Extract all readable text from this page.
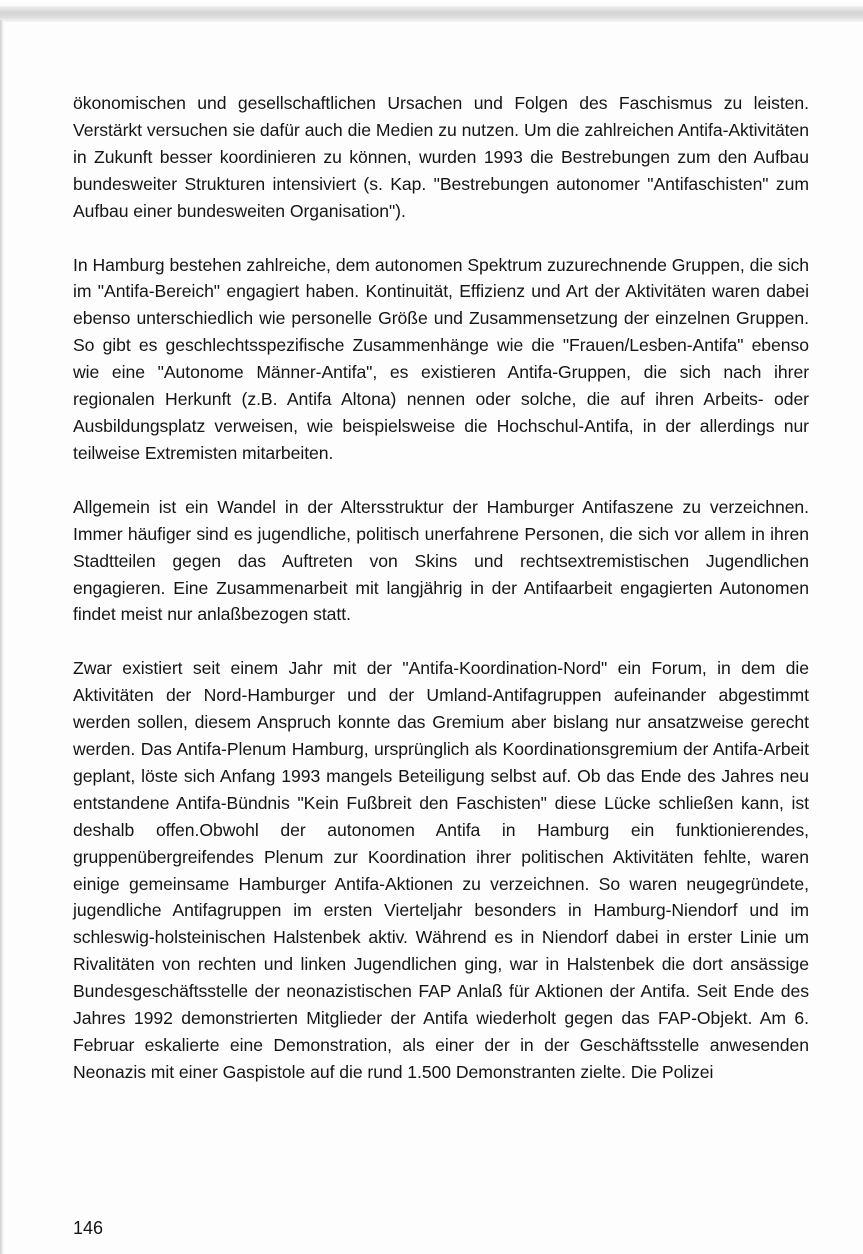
ökonomischen und gesellschaftlichen Ursachen und Folgen des Faschismus zu leisten. Verstärkt versuchen sie dafür auch die Medien zu nutzen. Um die zahlreichen Antifa-Aktivitäten in Zukunft besser koordinieren zu können, wurden 1993 die Bestrebungen zum den Aufbau bundesweiter Strukturen intensiviert (s. Kap. "Bestrebungen autonomer "Antifaschisten" zum Aufbau einer bundesweiten Organisation").

In Hamburg bestehen zahlreiche, dem autonomen Spektrum zuzurechnende Gruppen, die sich im "Antifa-Bereich" engagiert haben. Kontinuität, Effizienz und Art der Aktivitäten waren dabei ebenso unterschiedlich wie personelle Größe und Zusammensetzung der einzelnen Gruppen. So gibt es geschlechtsspezifische Zusammenhänge wie die "Frauen/Lesben-Antifa" ebenso wie eine "Autonome Männer-Antifa", es existieren Antifa-Gruppen, die sich nach ihrer regionalen Herkunft (z.B. Antifa Altona) nennen oder solche, die auf ihren Arbeits- oder Ausbildungsplatz verweisen, wie beispielsweise die Hochschul-Antifa, in der allerdings nur teilweise Extremisten mitarbeiten.

Allgemein ist ein Wandel in der Altersstruktur der Hamburger Antifaszene zu verzeichnen. Immer häufiger sind es jugendliche, politisch unerfahrene Personen, die sich vor allem in ihren Stadtteilen gegen das Auftreten von Skins und rechtsextremistischen Jugendlichen engagieren. Eine Zusammenarbeit mit langjährig in der Antifaarbeit engagierten Autonomen findet meist nur anlaßbezogen statt.

Zwar existiert seit einem Jahr mit der "Antifa-Koordination-Nord" ein Forum, in dem die Aktivitäten der Nord-Hamburger und der Umland-Antifagruppen aufeinander abgestimmt werden sollen, diesem Anspruch konnte das Gremium aber bislang nur ansatzweise gerecht werden. Das Antifa-Plenum Hamburg, ursprünglich als Koordinationsgremium der Antifa-Arbeit geplant, löste sich Anfang 1993 mangels Beteiligung selbst auf. Ob das Ende des Jahres neu entstandene Antifa-Bündnis "Kein Fußbreit den Faschisten" diese Lücke schließen kann, ist deshalb offen.Obwohl der autonomen Antifa in Hamburg ein funktionierendes, gruppenübergreifendes Plenum zur Koordination ihrer politischen Aktivitäten fehlte, waren einige gemeinsame Hamburger Antifa-Aktionen zu verzeichnen. So waren neugegründete, jugendliche Antifagruppen im ersten Vierteljahr besonders in Hamburg-Niendorf und im schleswig-holsteinischen Halstenbek aktiv. Während es in Niendorf dabei in erster Linie um Rivalitäten von rechten und linken Jugendlichen ging, war in Halstenbek die dort ansässige Bundesgeschäftsstelle der neonazistischen FAP Anlaß für Aktionen der Antifa. Seit Ende des Jahres 1992 demonstrierten Mitglieder der Antifa wiederholt gegen das FAP-Objekt. Am 6. Februar eskalierte eine Demonstration, als einer der in der Geschäftsstelle anwesenden Neonazis mit einer Gaspistole auf die rund 1.500 Demonstranten zielte. Die Polizei

146
